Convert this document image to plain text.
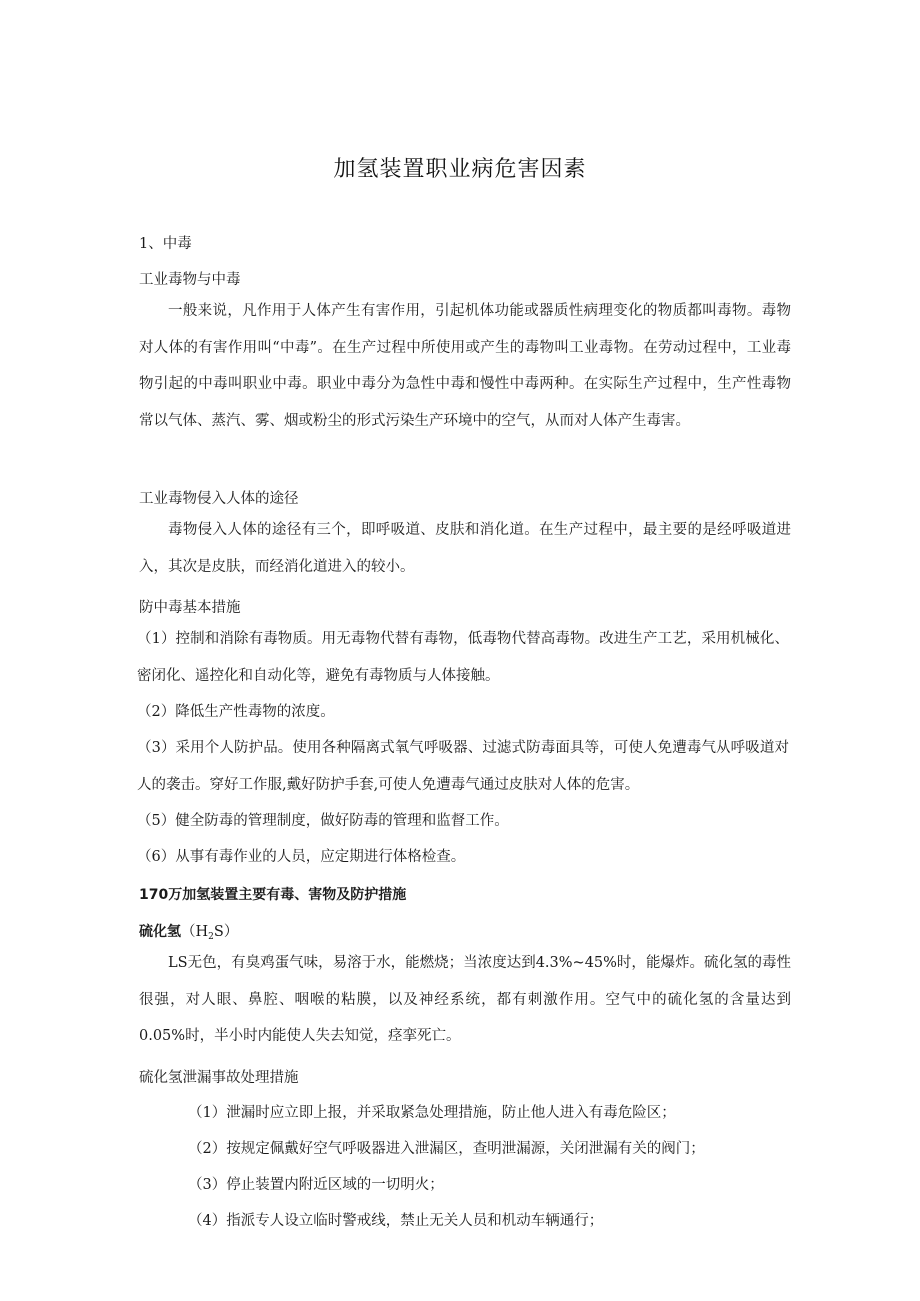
加氢装置职业病危害因素
1、中毒
工业毒物与中毒
一般来说，凡作用于人体产生有害作用，引起机体功能或器质性病理变化的物质都叫毒物。毒物对人体的有害作用叫“中毒”。在生产过程中所使用或产生的毒物叫工业毒物。在劳动过程中，工业毒物引起的中毒叫职业中毒。职业中毒分为急性中毒和慢性中毒两种。在实际生产过程中，生产性毒物常以气体、蒸汽、雾、烟或粉尘的形式污染生产环境中的空气，从而对人体产生毒害。
工业毒物侵入人体的途径
毒物侵入人体的途径有三个，即呼吸道、皮肤和消化道。在生产过程中，最主要的是经呼吸道进入，其次是皮肤，而经消化道进入的较小。
防中毒基本措施
（1）控制和消除有毒物质。用无毒物代替有毒物，低毒物代替高毒物。改进生产工艺，采用机械化、密闭化、遥控化和自动化等，避免有毒物质与人体接触。
（2）降低生产性毒物的浓度。
（3）采用个人防护品。使用各种隔离式氧气呼吸器、过滤式防毒面具等，可使人免遭毒气从呼吸道对人的袭击。穿好工作服,戴好防护手套,可使人免遭毒气通过皮肤对人体的危害。
（5）健全防毒的管理制度，做好防毒的管理和监督工作。
（6）从事有毒作业的人员，应定期进行体格检查。
170万加氢装置主要有毒、害物及防护措施
硫化氢$(H_2S)$
LS无色，有臭鸡蛋气味，易溶于水，能燃烧；当浓度达到4.3%~45%时，能爆炸。硫化氢的毒性很强，对人眼、鼻腔、咽喉的粘膜，以及神经系统，都有刺激作用。空气中的硫化氢的含量达到0.05%时，半小时内能使人失去知觉，痉挛死亡。
硫化氢泄漏事故处理措施
（1）泄漏时应立即上报，并采取紧急处理措施，防止他人进入有毒危险区；
（2）按规定佩戴好空气呼吸器进入泄漏区，查明泄漏源，关闭泄漏有关的阀门；
（3）停止装置内附近区域的一切明火；
（4）指派专人设立临时警戒线，禁止无关人员和机动车辆通行；
